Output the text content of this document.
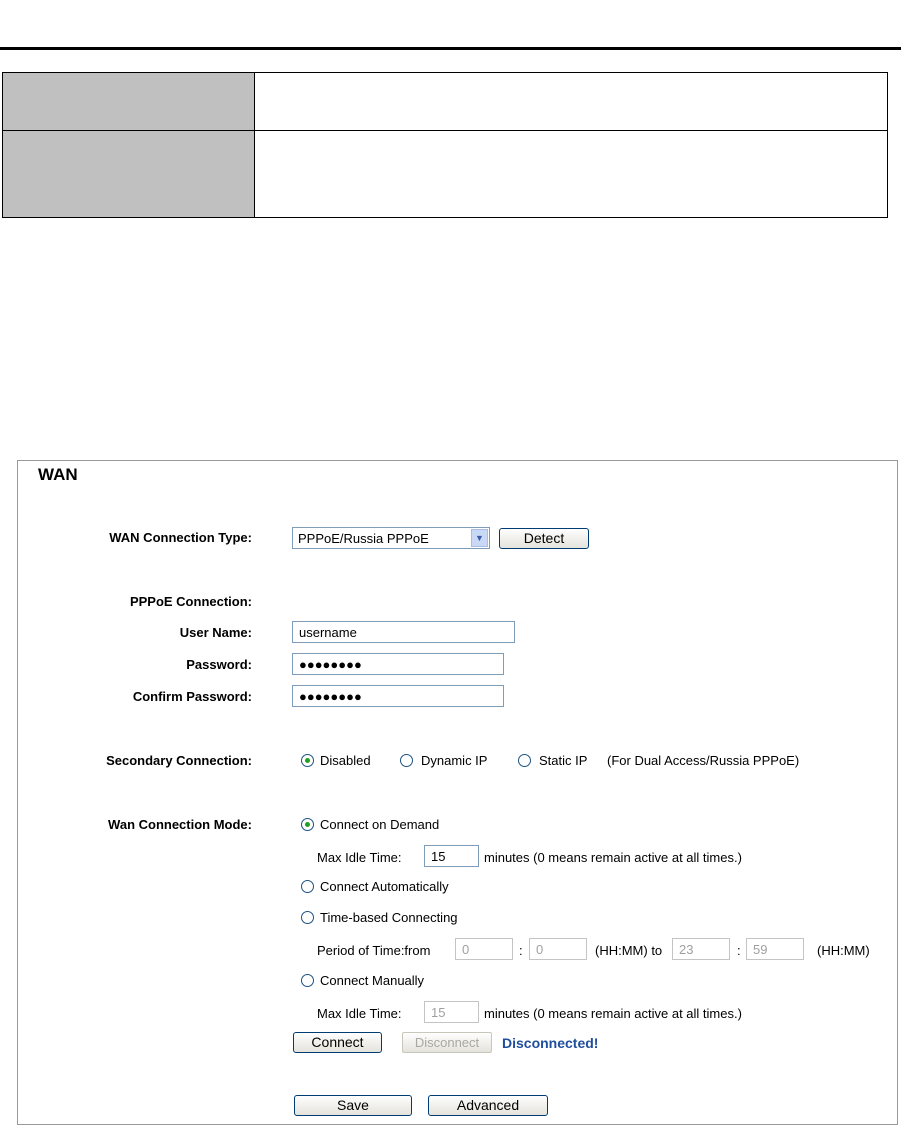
WAN
WAN Connection Type:	PPPoE/Russia PPPoE	▼	Detect
PPPoE Connection:
User Name:	username
Password:	●●●●●●●●
Confirm Password:	●●●●●●●●
Secondary Connection:	Disabled	Dynamic IP	Static IP (For Dual Access/Russia PPPoE)
Wan Connection Mode:	Connect on Demand
Max Idle Time:	15	minutes (0 means remain active at all times.)
Connect Automatically
Time-based Connecting
Period of Time:from	0	:	0	(HH:MM) to	23	: 59	(HH:MM)
Connect Manually
Max Idle Time:	15	minutes (0 means remain active at all times.)
Connect	Disconnect	Disconnected!
Save	Advanced
